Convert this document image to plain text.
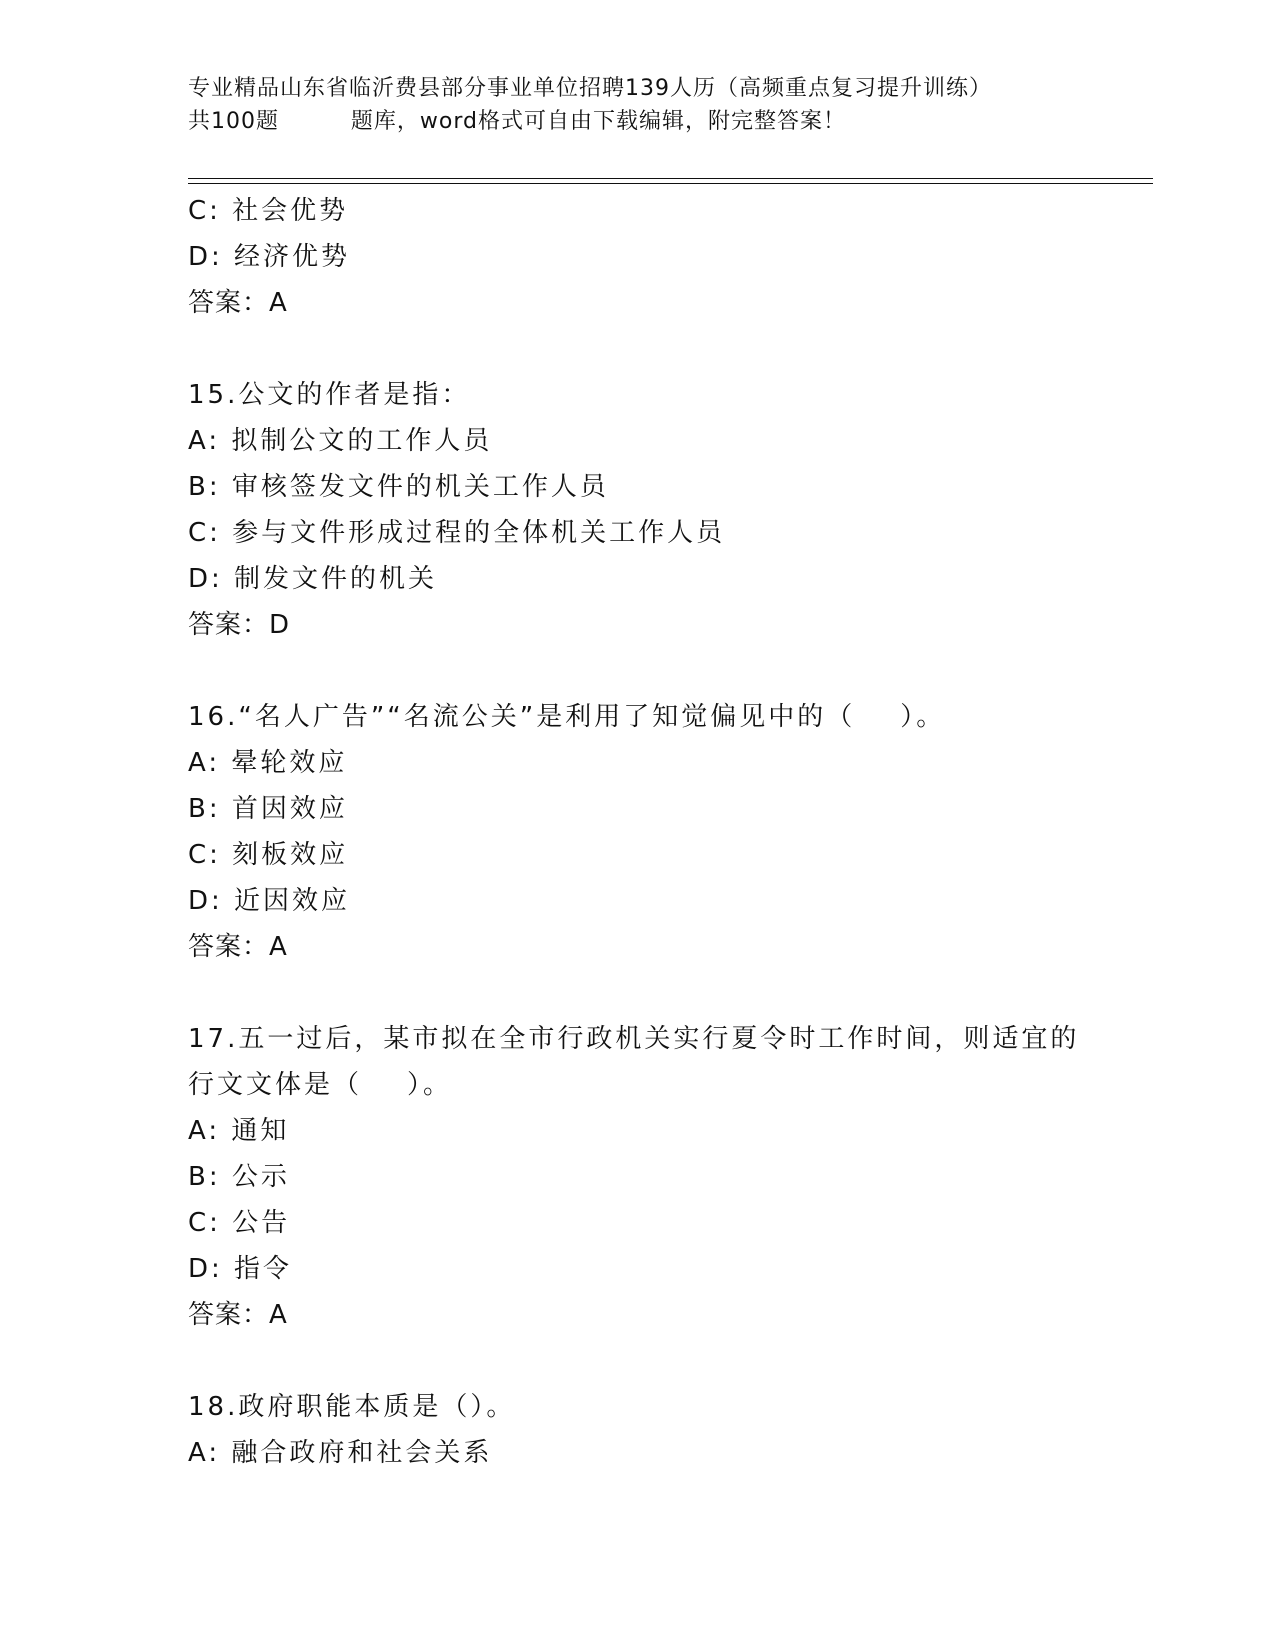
专业精品山东省临沂费县部分事业单位招聘139人历（高频重点复习提升训练）
共100题         题库，word格式可自由下载编辑，附完整答案！
C: 社会优势
D: 经济优势
答案：A
15.公文的作者是指：
A: 拟制公文的工作人员
B: 审核签发文件的机关工作人员
C: 参与文件形成过程的全体机关工作人员
D: 制发文件的机关
答案：D
16.“名人广告”“名流公关”是利用了知觉偏见中的（    ）。
A: 晕轮效应
B: 首因效应
C: 刻板效应
D: 近因效应
答案：A
17.五一过后，某市拟在全市行政机关实行夏令时工作时间，则适宜的
行文文体是（    ）。
A: 通知
B: 公示
C: 公告
D: 指令
答案：A
18.政府职能本质是（）。
A: 融合政府和社会关系
